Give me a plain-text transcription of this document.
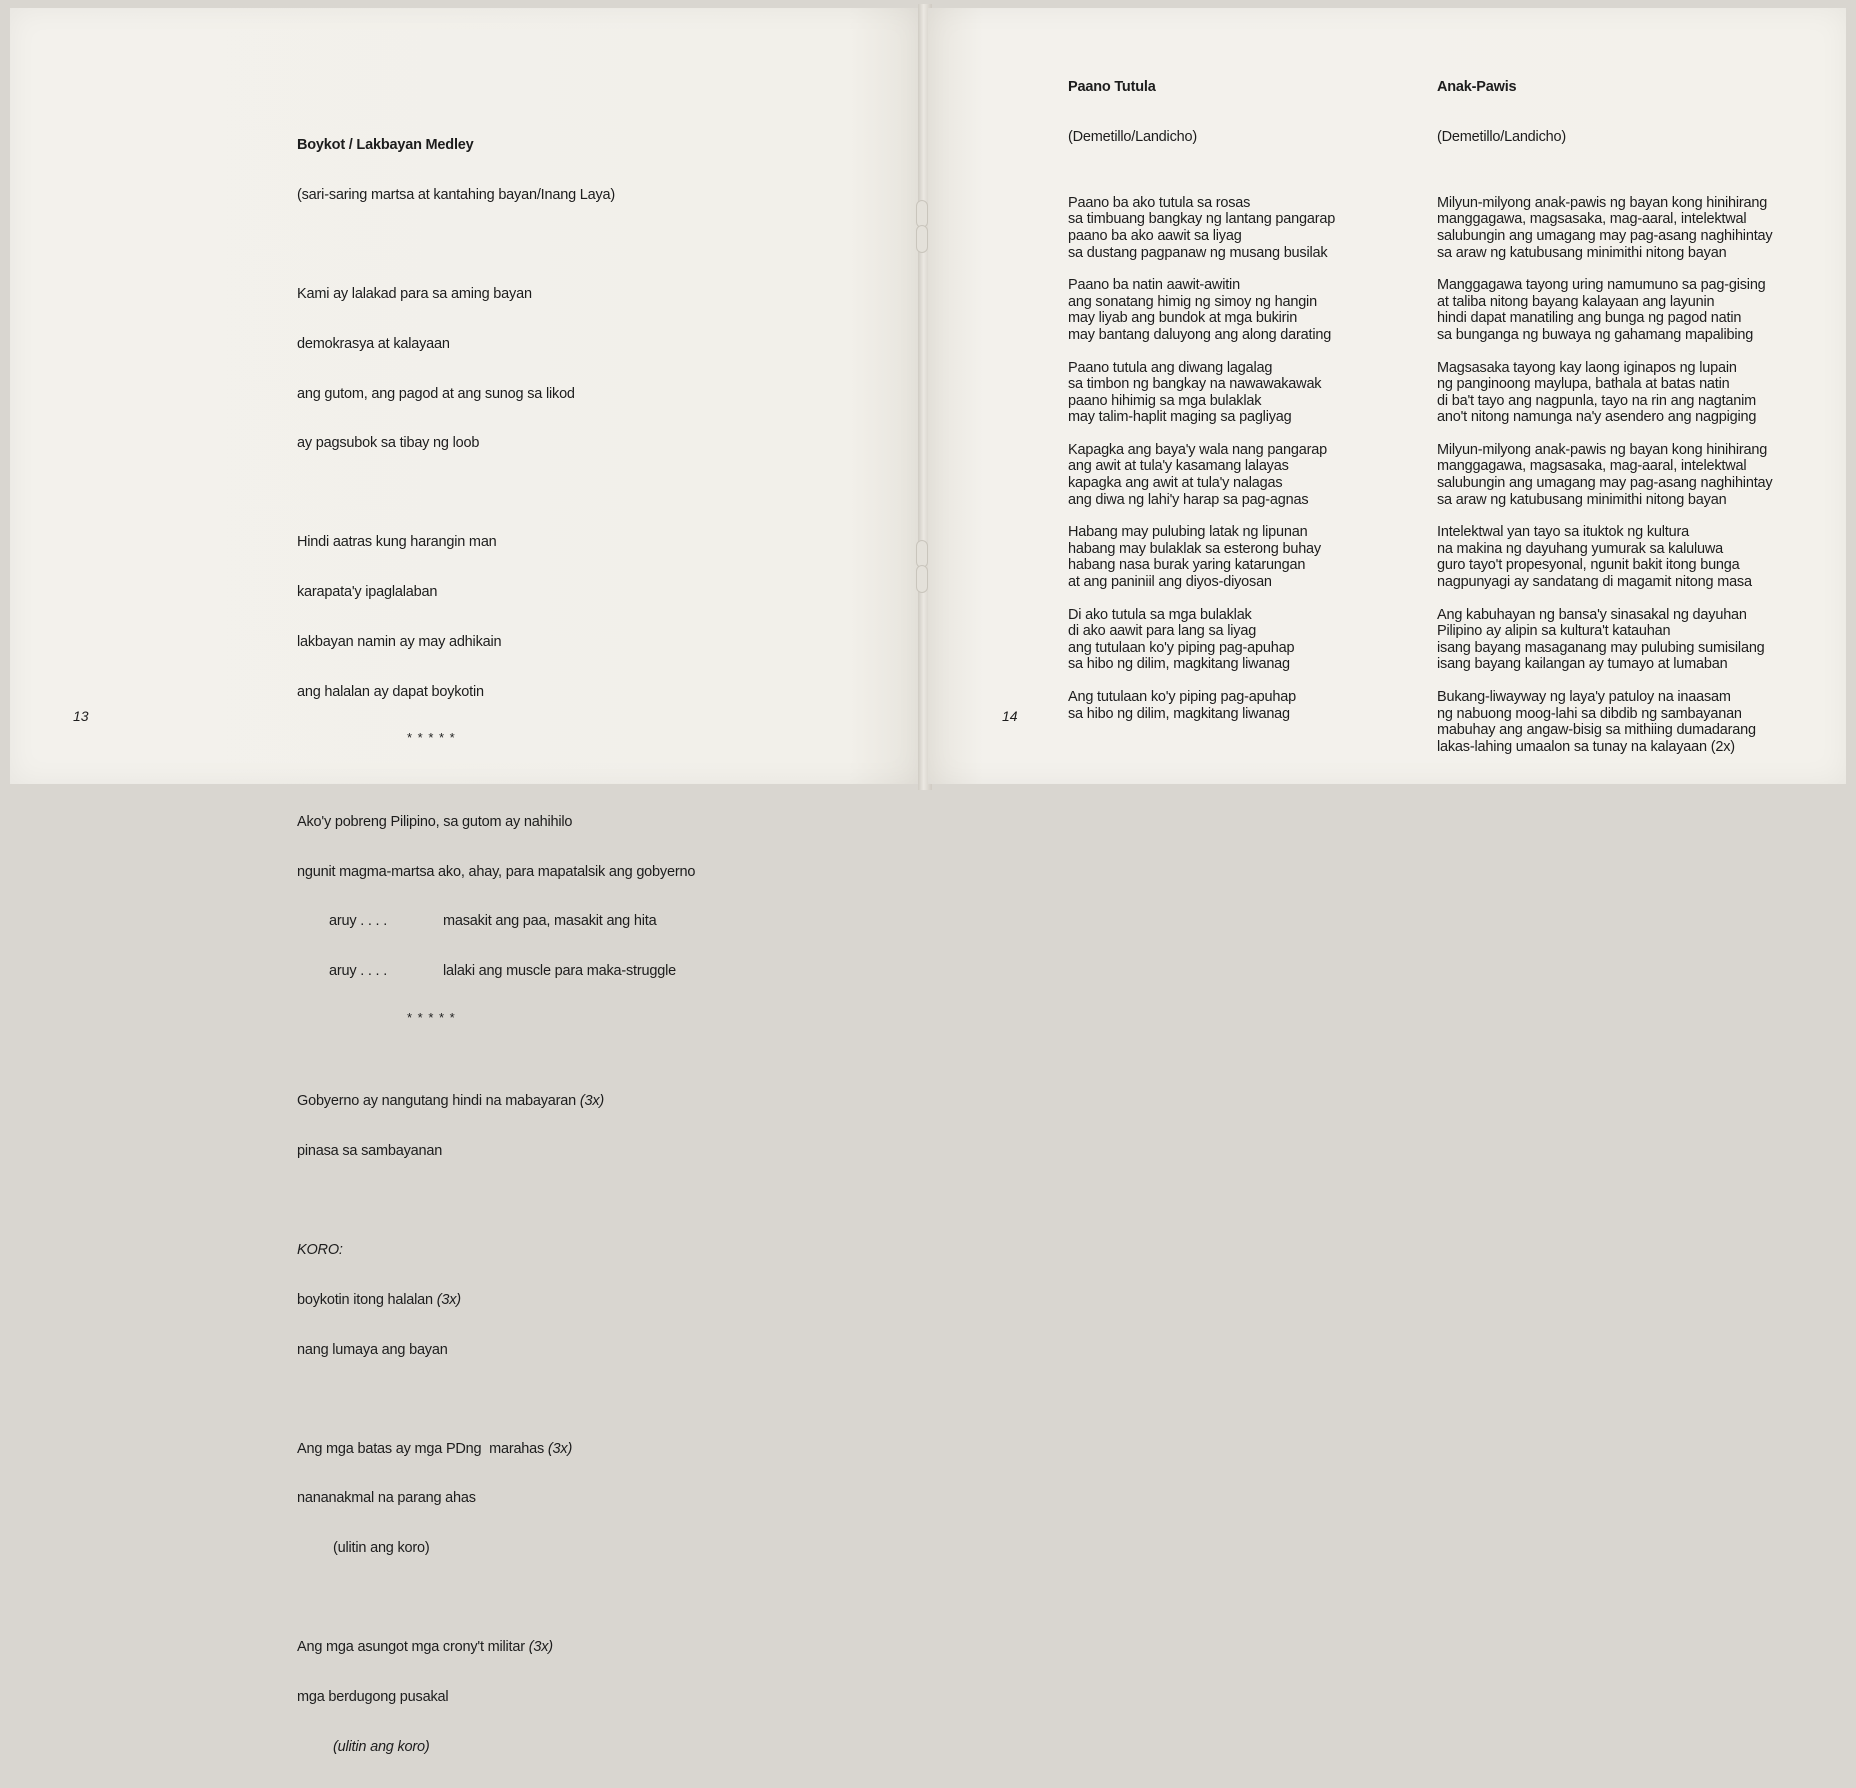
Boykot / Lakbayan Medley

(sari-saring martsa at kantahing bayan/Inang Laya)

Kami ay lalakad para sa aming bayan

demokrasya at kalayaan

ang gutom, ang pagod at ang sunog sa likod

ay pagsubok sa tibay ng loob

Hindi aatras kung harangin man

karapata'y ipaglalaban

lakbayan namin ay may adhikain

ang halalan ay dapat boykotin

* * * * *

Ako'y pobreng Pilipino, sa gutom ay nahihilo

ngunit magma-martsa ako, ahay, para mapatalsik ang gobyerno

aruy . . . .	masakit ang paa, masakit ang hita

aruy . . . .	lalaki ang muscle para maka-struggle

* * * * *

Gobyerno ay nangutang hindi na mabayaran (3x)

pinasa sa sambayanan

KORO:

boykotin itong halalan (3x)

nang lumaya ang bayan

Ang mga batas ay mga PDng  marahas (3x)

nananakmal na parang ahas

(ulitin ang koro)

Ang mga asungot mga crony't militar (3x)

mga berdugong pusakal

(ulitin ang koro)

13

Paano Tutula

(Demetillo/Landicho)

Paano ba ako tutula sa rosas
sa timbuang bangkay ng lantang pangarap
paano ba ako aawit sa liyag
sa dustang pagpanaw ng musang busilak
Paano ba natin aawit-awitin
ang sonatang himig ng simoy ng hangin
may liyab ang bundok at mga bukirin
may bantang daluyong ang along darating
Paano tutula ang diwang lagalag
sa timbon ng bangkay na nawawakawak
paano hihimig sa mga bulaklak
may talim-haplit maging sa pagliyag
Kapagka ang baya'y wala nang pangarap
ang awit at tula'y kasamang lalayas
kapagka ang awit at tula'y nalagas
ang diwa ng lahi'y harap sa pag-agnas
Habang may pulubing latak ng lipunan
habang may bulaklak sa esterong buhay
habang nasa burak yaring katarungan
at ang paniniil ang diyos-diyosan
Di ako tutula sa mga bulaklak
di ako aawit para lang sa liyag
ang tutulaan ko'y piping pag-apuhap
sa hibo ng dilim, magkitang liwanag
Ang tutulaan ko'y piping pag-apuhap
sa hibo ng dilim, magkitang liwanag

Anak-Pawis

(Demetillo/Landicho)

Milyun-milyong anak-pawis ng bayan kong hinihirang
manggagawa, magsasaka, mag-aaral, intelektwal
salubungin ang umagang may pag-asang naghihintay
sa araw ng katubusang minimithi nitong bayan
Manggagawa tayong uring namumuno sa pag-gising
at taliba nitong bayang kalayaan ang layunin
hindi dapat manatiling ang bunga ng pagod natin
sa bunganga ng buwaya ng gahamang mapalibing
Magsasaka tayong kay laong iginapos ng lupain
ng panginoong maylupa, bathala at batas natin
di ba't tayo ang nagpunla, tayo na rin ang nagtanim
ano't nitong namunga na'y asendero ang nagpiging
Milyun-milyong anak-pawis ng bayan kong hinihirang
manggagawa, magsasaka, mag-aaral, intelektwal
salubungin ang umagang may pag-asang naghihintay
sa araw ng katubusang minimithi nitong bayan
Intelektwal yan tayo sa ituktok ng kultura
na makina ng dayuhang yumurak sa kaluluwa
guro tayo't propesyonal, ngunit bakit itong bunga
nagpunyagi ay sandatang di magamit nitong masa
Ang kabuhayan ng bansa'y sinasakal ng dayuhan
Pilipino ay alipin sa kultura't katauhan
isang bayang masaganang may pulubing sumisilang
isang bayang kailangan ay tumayo at lumaban
Bukang-liwayway ng laya'y patuloy na inaasam
ng nabuong moog-lahi sa dibdib ng sambayanan
mabuhay ang angaw-bisig sa mithiing dumadarang
lakas-lahing umaalon sa tunay na kalayaan (2x)
14
